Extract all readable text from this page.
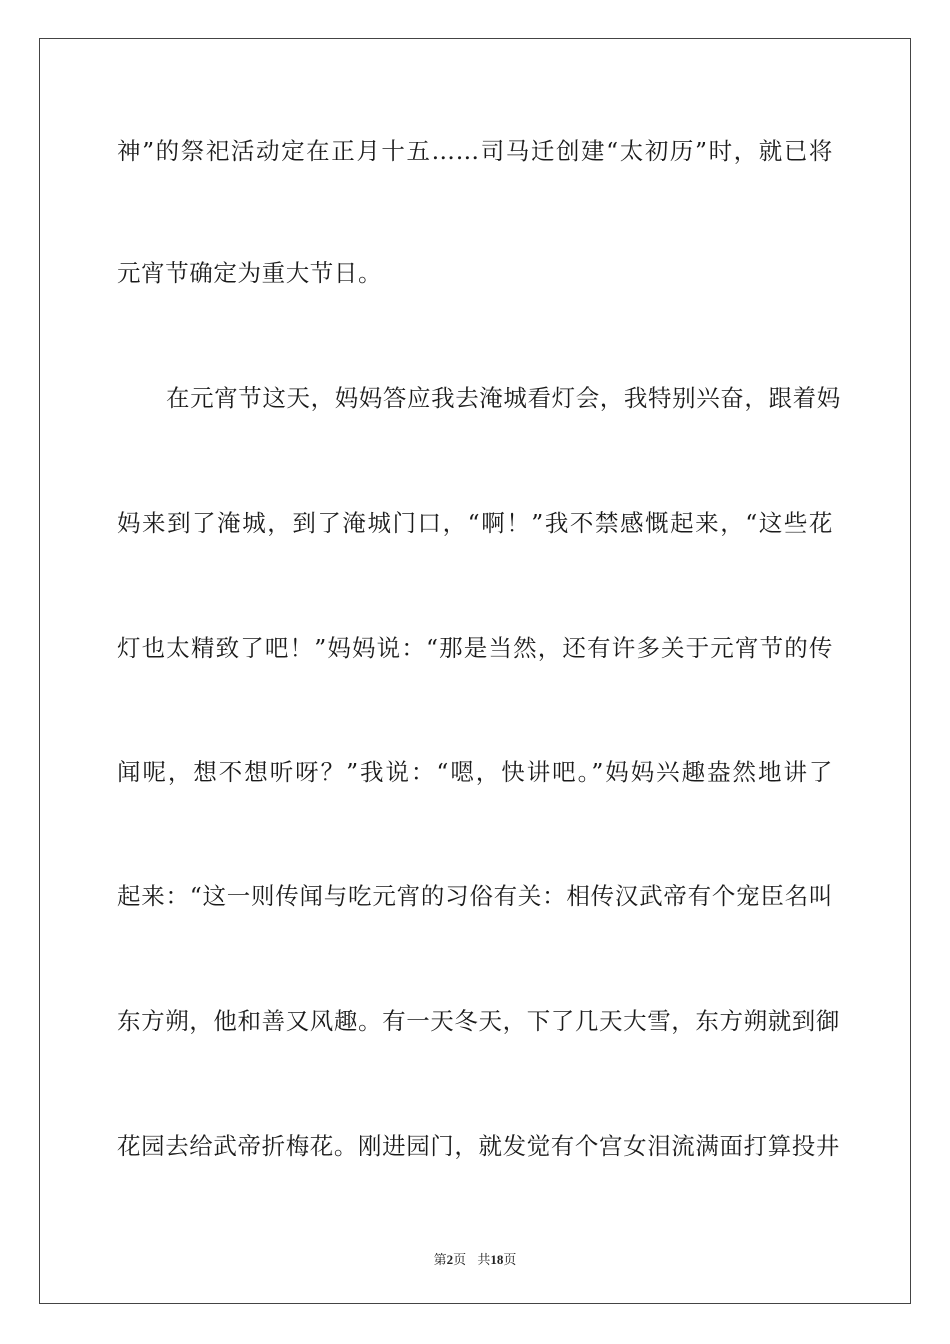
神”的祭祀活动定在正月十五……司马迁创建“太初历”时，就已将
元宵节确定为重大节日。
在元宵节这天，妈妈答应我去淹城看灯会，我特别兴奋，跟着妈
妈来到了淹城，到了淹城门口，“啊！”我不禁感慨起来，“这些花
灯也太精致了吧！”妈妈说：“那是当然，还有许多关于元宵节的传
闻呢，想不想听呀？”我说：“嗯，快讲吧。”妈妈兴趣盎然地讲了
起来：“这一则传闻与吃元宵的习俗有关：相传汉武帝有个宠臣名叫
东方朔，他和善又风趣。有一天冬天，下了几天大雪，东方朔就到御
花园去给武帝折梅花。刚进园门，就发觉有个宫女泪流满面打算投井
第2页 共18页
